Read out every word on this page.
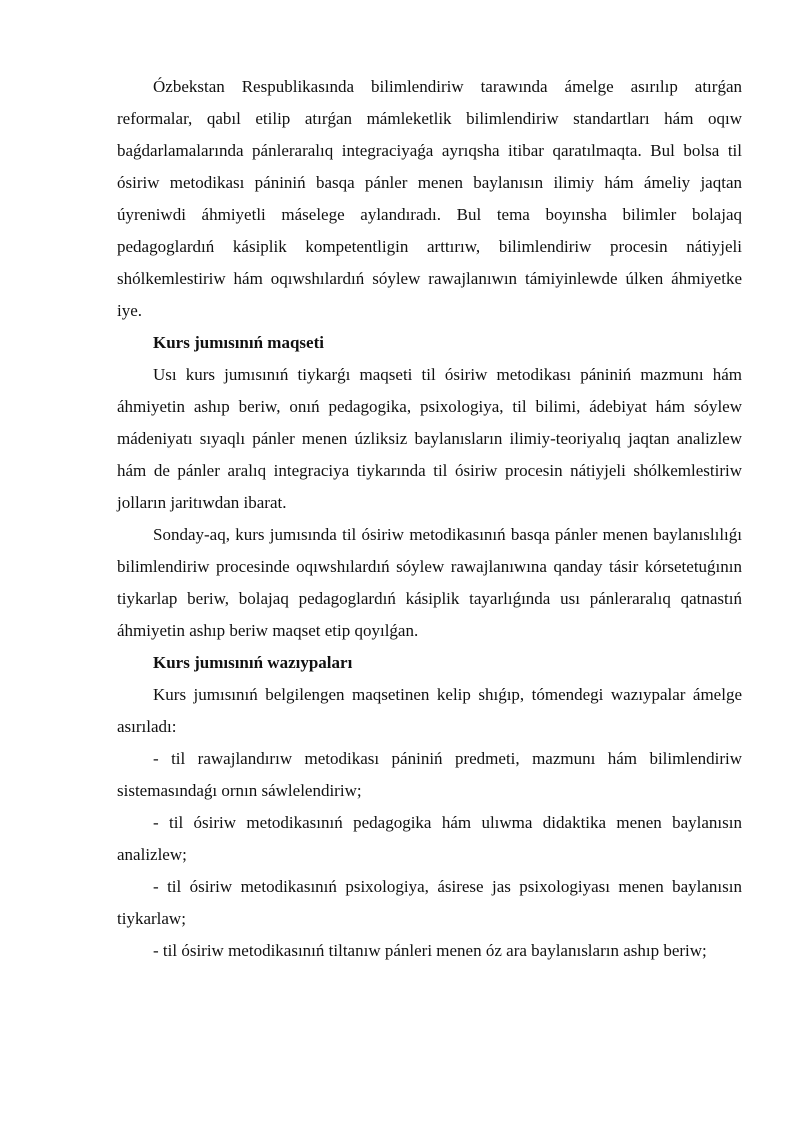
Ózbekstan Respublikasında bilimlendiriw tarawında ámelge asırılıp atırǵan reformalar, qabıl etilip atırǵan mámleketlik bilimlendiriw standartları hám oqıw baǵdarlamalarında pánleraralıq integraciyaǵa ayrıqsha itibar qaratılmaqta. Bul bolsa til ósiriw metodikası pániniń basqa pánler menen baylanısın ilimiy hám ámeliy jaqtan úyreniwdi áhmiyetli máselege aylandıradı. Bul tema boyınsha bilimler bolajaq pedagoglardıń kásiplik kompetentligin arttırıw, bilimlendiriw procesin nátiyjeli shólkemlestiriw hám oqıwshılardıń sóylew rawajlanıwın támiyinlewde úlken áhmiyetke iye.

Kurs jumısınıń maqseti

Usı kurs jumısınıń tiykarǵı maqseti til ósiriw metodikası pániniń mazmunı hám áhmiyetin ashıp beriw, onıń pedagogika, psixologiya, til bilimi, ádebiyat hám sóylew mádeniyatı sıyaqlı pánler menen úzliksiz baylanısların ilimiy-teoriyalıq jaqtan analizlew hám de pánler aralıq integraciya tiykarında til ósiriw procesin nátiyjeli shólkemlestiriw jolların jaritıwdan ibarat.

Sonday-aq, kurs jumısında til ósiriw metodikasınıń basqa pánler menen baylanıslılıǵı bilimlendiriw procesinde oqıwshılardıń sóylew rawajlanıwına qanday tásir kórsetetuǵının tiykarlap beriw, bolajaq pedagoglardıń kásiplik tayarlıǵında usı pánleraralıq qatnastıń áhmiyetin ashıp beriw maqset etip qoyılǵan.

Kurs jumısınıń wazıypaları

Kurs jumısınıń belgilengen maqsetinen kelip shıǵıp, tómendegi wazıypalar ámelge asırıladı:

- til rawajlandırıw metodikası pániniń predmeti, mazmunı hám bilimlendiriw sistemasındaǵı ornın sáwlelendiriw;

- til ósiriw metodikasınıń pedagogika hám ulıwma didaktika menen baylanısın analizlew;

- til ósiriw metodikasınıń psixologiya, ásirese jas psixologiyası menen baylanısın tiykarlaw;

- til ósiriw metodikasınıń tiltanıw pánleri menen óz ara baylanısların ashıp beriw;
